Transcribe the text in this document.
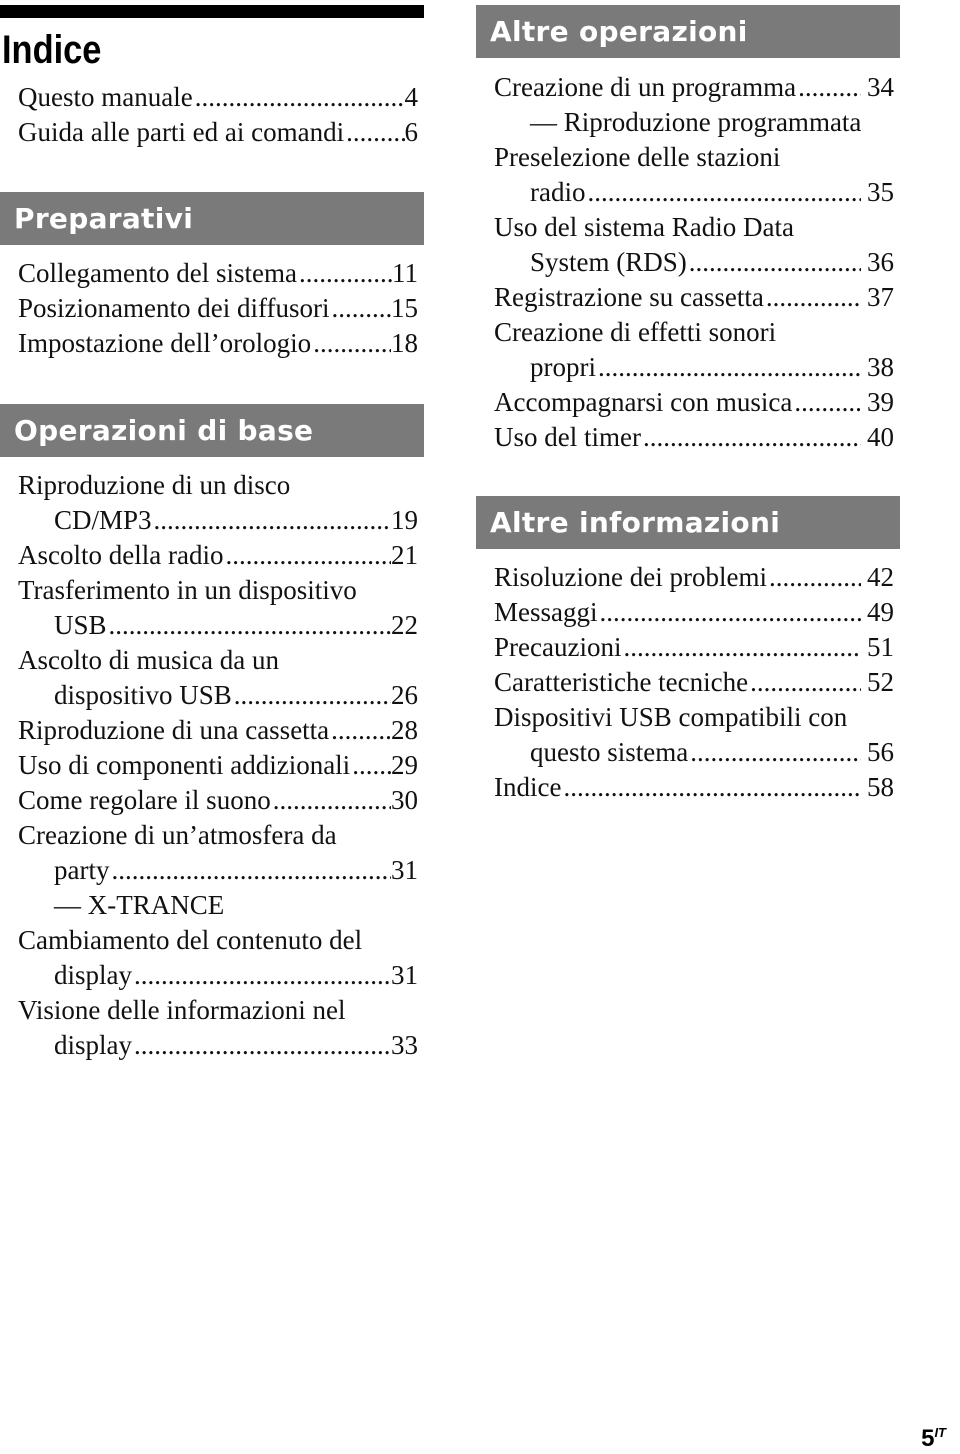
Indice
Questo manuale .....	4
Guida alle parti ed ai comandi ..... 6
Preparativi
Collegamento del sistema .....	11
Posizionamento dei diffusori ..... 15
Impostazione dell’orologio .....	18
Operazioni di base
Riproduzione di un disco
CD/MP3 .....	19
Ascolto della radio .....	21
Trasferimento in un dispositivo
USB .....	22
Ascolto di musica da un
dispositivo USB .....	26
Riproduzione di una cassetta ..... 28
Uso di componenti addizionali ..... 29
Come regolare il suono .....	30
Creazione di un’atmosfera da
party .....	31
— X-TRANCE
Cambiamento del contenuto del
display .....	31
Visione delle informazioni nel
display .....	33
Altre operazioni
Creazione di un programma .....	34
— Riproduzione programmata
Preselezione delle stazioni
radio .....	35
Uso del sistema Radio Data
System (RDS) .....	36
Registrazione su cassetta .....	37
Creazione di effetti sonori
propri .....	38
Accompagnarsi con musica .....	39
Uso del timer .....	40
Altre informazioni
Risoluzione dei problemi .....	42
Messaggi .....	49
Precauzioni .....	51
Caratteristiche tecniche .....	52
Dispositivi USB compatibili con
questo sistema .....	56
Indice .....	58
$5^{IT}$
